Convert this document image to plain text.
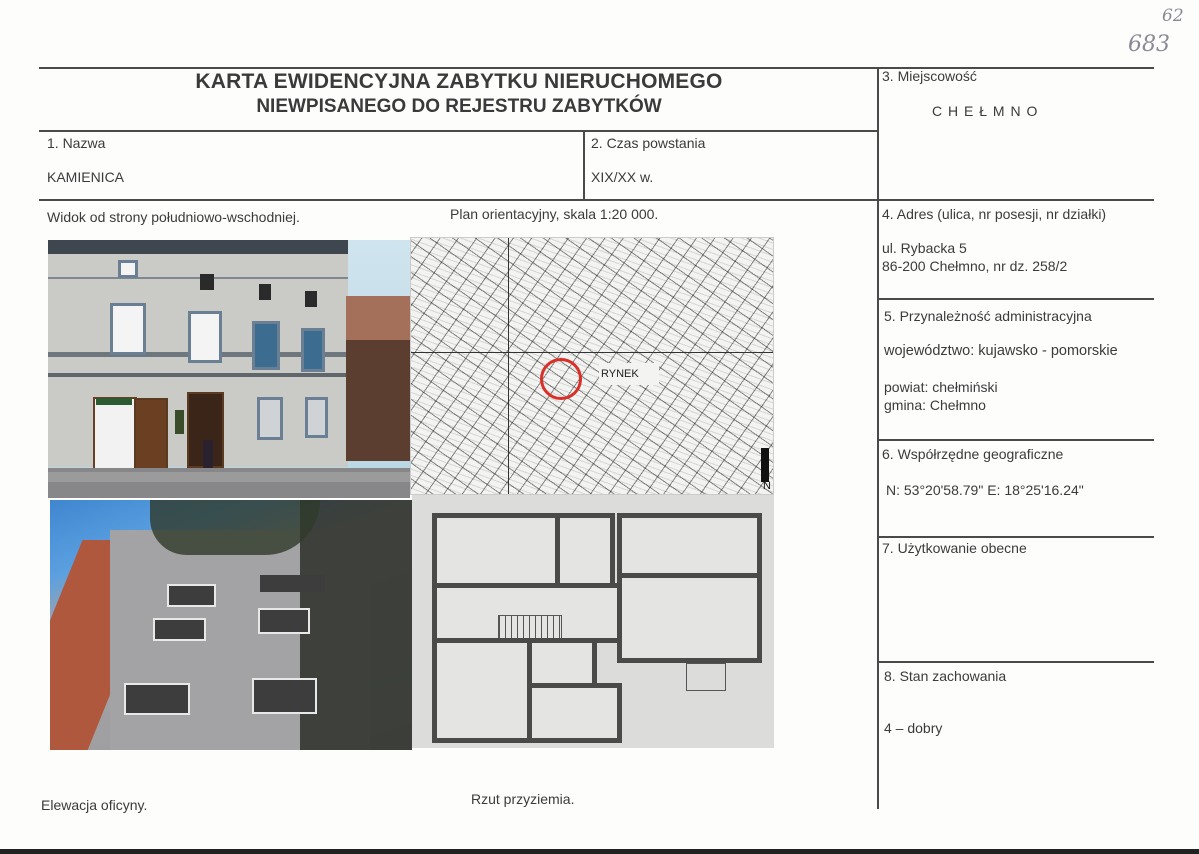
62
683
KARTA EWIDENCYJNA ZABYTKU NIERUCHOMEGO
NIEWPISANEGO DO REJESTRU ZABYTKÓW
1. Nazwa
KAMIENICA
2. Czas powstania
XIX/XX w.
3. Miejscowość
C H E Ł M N O
4. Adres (ulica, nr posesji, nr działki)
ul. Rybacka 5
86-200 Chełmno, nr dz. 258/2
5. Przynależność administracyjna
województwo: kujawsko - pomorskie
powiat: chełmiński
gmina: Chełmno
6. Współrzędne geograficzne
N: 53°20'58.79" E: 18°25'16.24"
7. Użytkowanie obecne
8. Stan zachowania
4 – dobry
Widok od strony południowo-wschodniej.	Plan orientacyjny, skala 1:20 000.
Elewacja oficyny.	Rzut przyziemia.
RYNEK
N
